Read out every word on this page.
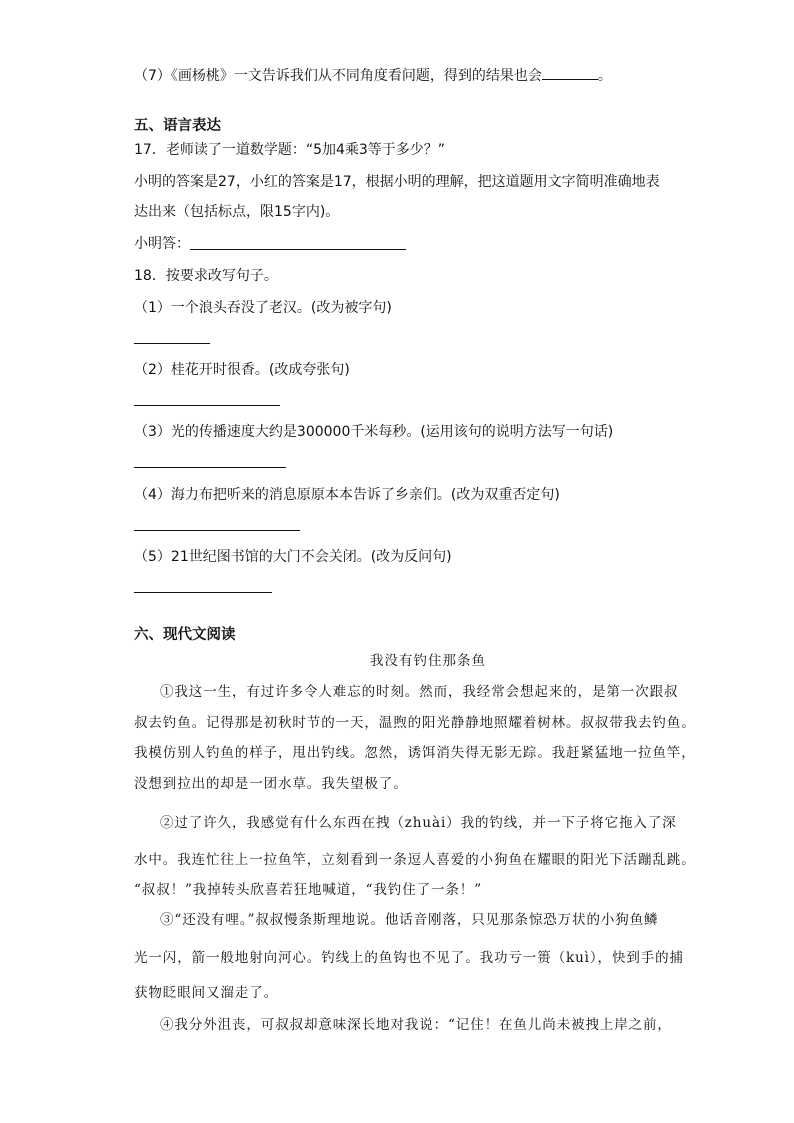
（7）《画杨桃》一文告诉我们从不同角度看问题，得到的结果也会	。
五、语言表达
17．老师读了一道数学题：“5加4乘3等于多少？”
小明的答案是27，小红的答案是17，根据小明的理解，把这道题用文字简明准确地表
达出来（包括标点，限15字内)。
小明答：
18．按要求改写句子。
（1）一个浪头吞没了老汉。(改为被字句)
（2）桂花开时很香。(改成夸张句)
（3）光的传播速度大约是300000千米每秒。(运用该句的说明方法写一句话)
（4）海力布把听来的消息原原本本告诉了乡亲们。(改为双重否定句)
（5）21世纪图书馆的大门不会关闭。(改为反问句)
六、现代文阅读
我没有钓住那条鱼
①我这一生，有过许多令人难忘的时刻。然而，我经常会想起来的，是第一次跟叔
叔去钓鱼。记得那是初秋时节的一天，温煦的阳光静静地照耀着树林。叔叔带我去钓鱼。
我模仿别人钓鱼的样子，甩出钓线。忽然，诱饵消失得无影无踪。我赶紧猛地一拉鱼竿，
没想到拉出的却是一团水草。我失望极了。
②过了许久，我感觉有什么东西在拽（zhuài）我的钓线，并一下子将它拖入了深
水中。我连忙往上一拉鱼竿，立刻看到一条逗人喜爱的小狗鱼在耀眼的阳光下活蹦乱跳。
“叔叔！”我掉转头欣喜若狂地喊道，“我钓住了一条！”
③“还没有哩。”叔叔慢条斯理地说。他话音刚落，只见那条惊恐万状的小狗鱼鳞
光一闪，箭一般地射向河心。钓线上的鱼钩也不见了。我功亏一篑（kuì），快到手的捕
获物眨眼间又溜走了。
④我分外沮丧，可叔叔却意味深长地对我说：“记住！在鱼儿尚未被拽上岸之前，
